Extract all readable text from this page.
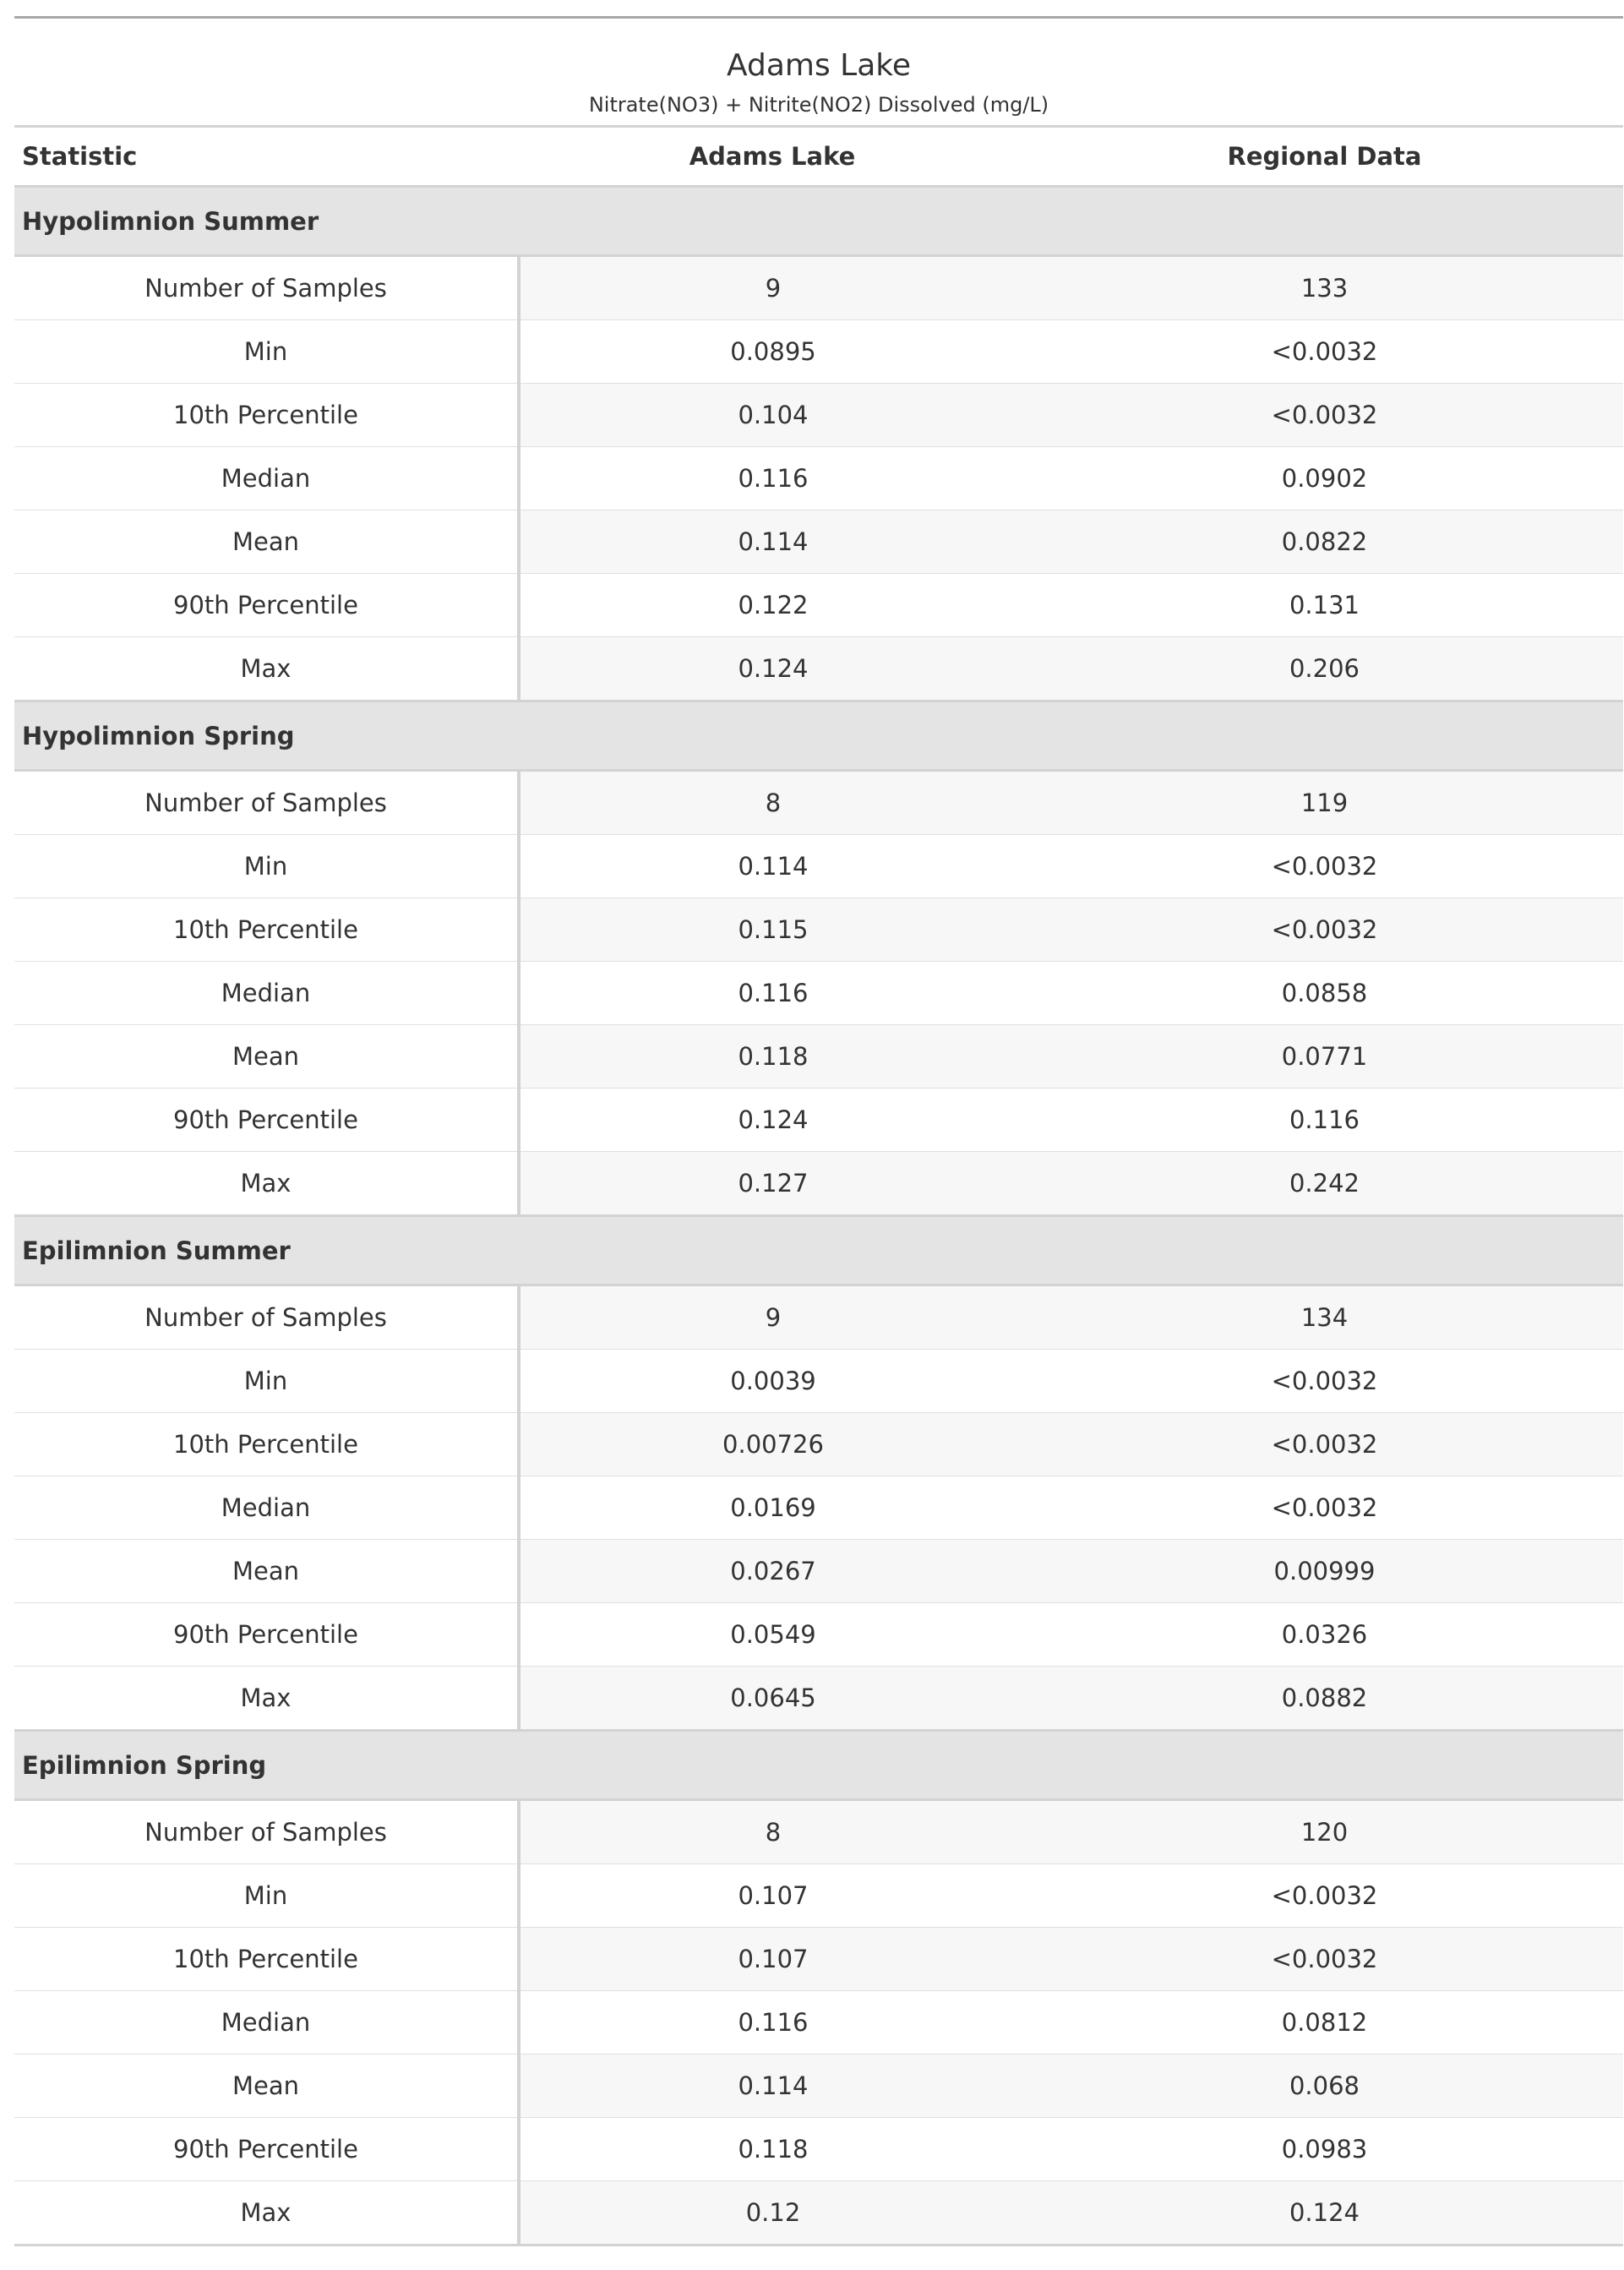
Adams Lake		
Nitrate(NO3) + Nitrite(NO2) Dissolved (mg/L)		
Statistic	Adams Lake	Regional Data
Hypolimnion Summer		
Number of Samples	9	133
Min	0.0895	<0.0032
10th Percentile	0.104	<0.0032
Median	0.116	0.0902
Mean	0.114	0.0822
90th Percentile	0.122	0.131
Max	0.124	0.206
Hypolimnion Spring		
Number of Samples	8	119
Min	0.114	<0.0032
10th Percentile	0.115	<0.0032
Median	0.116	0.0858
Mean	0.118	0.0771
90th Percentile	0.124	0.116
Max	0.127	0.242
Epilimnion Summer		
Number of Samples	9	134
Min	0.0039	<0.0032
10th Percentile	0.00726	<0.0032
Median	0.0169	<0.0032
Mean	0.0267	0.00999
90th Percentile	0.0549	0.0326
Max	0.0645	0.0882
Epilimnion Spring		
Number of Samples	8	120
Min	0.107	<0.0032
10th Percentile	0.107	<0.0032
Median	0.116	0.0812
Mean	0.114	0.068
90th Percentile	0.118	0.0983
Max	0.12	0.124
